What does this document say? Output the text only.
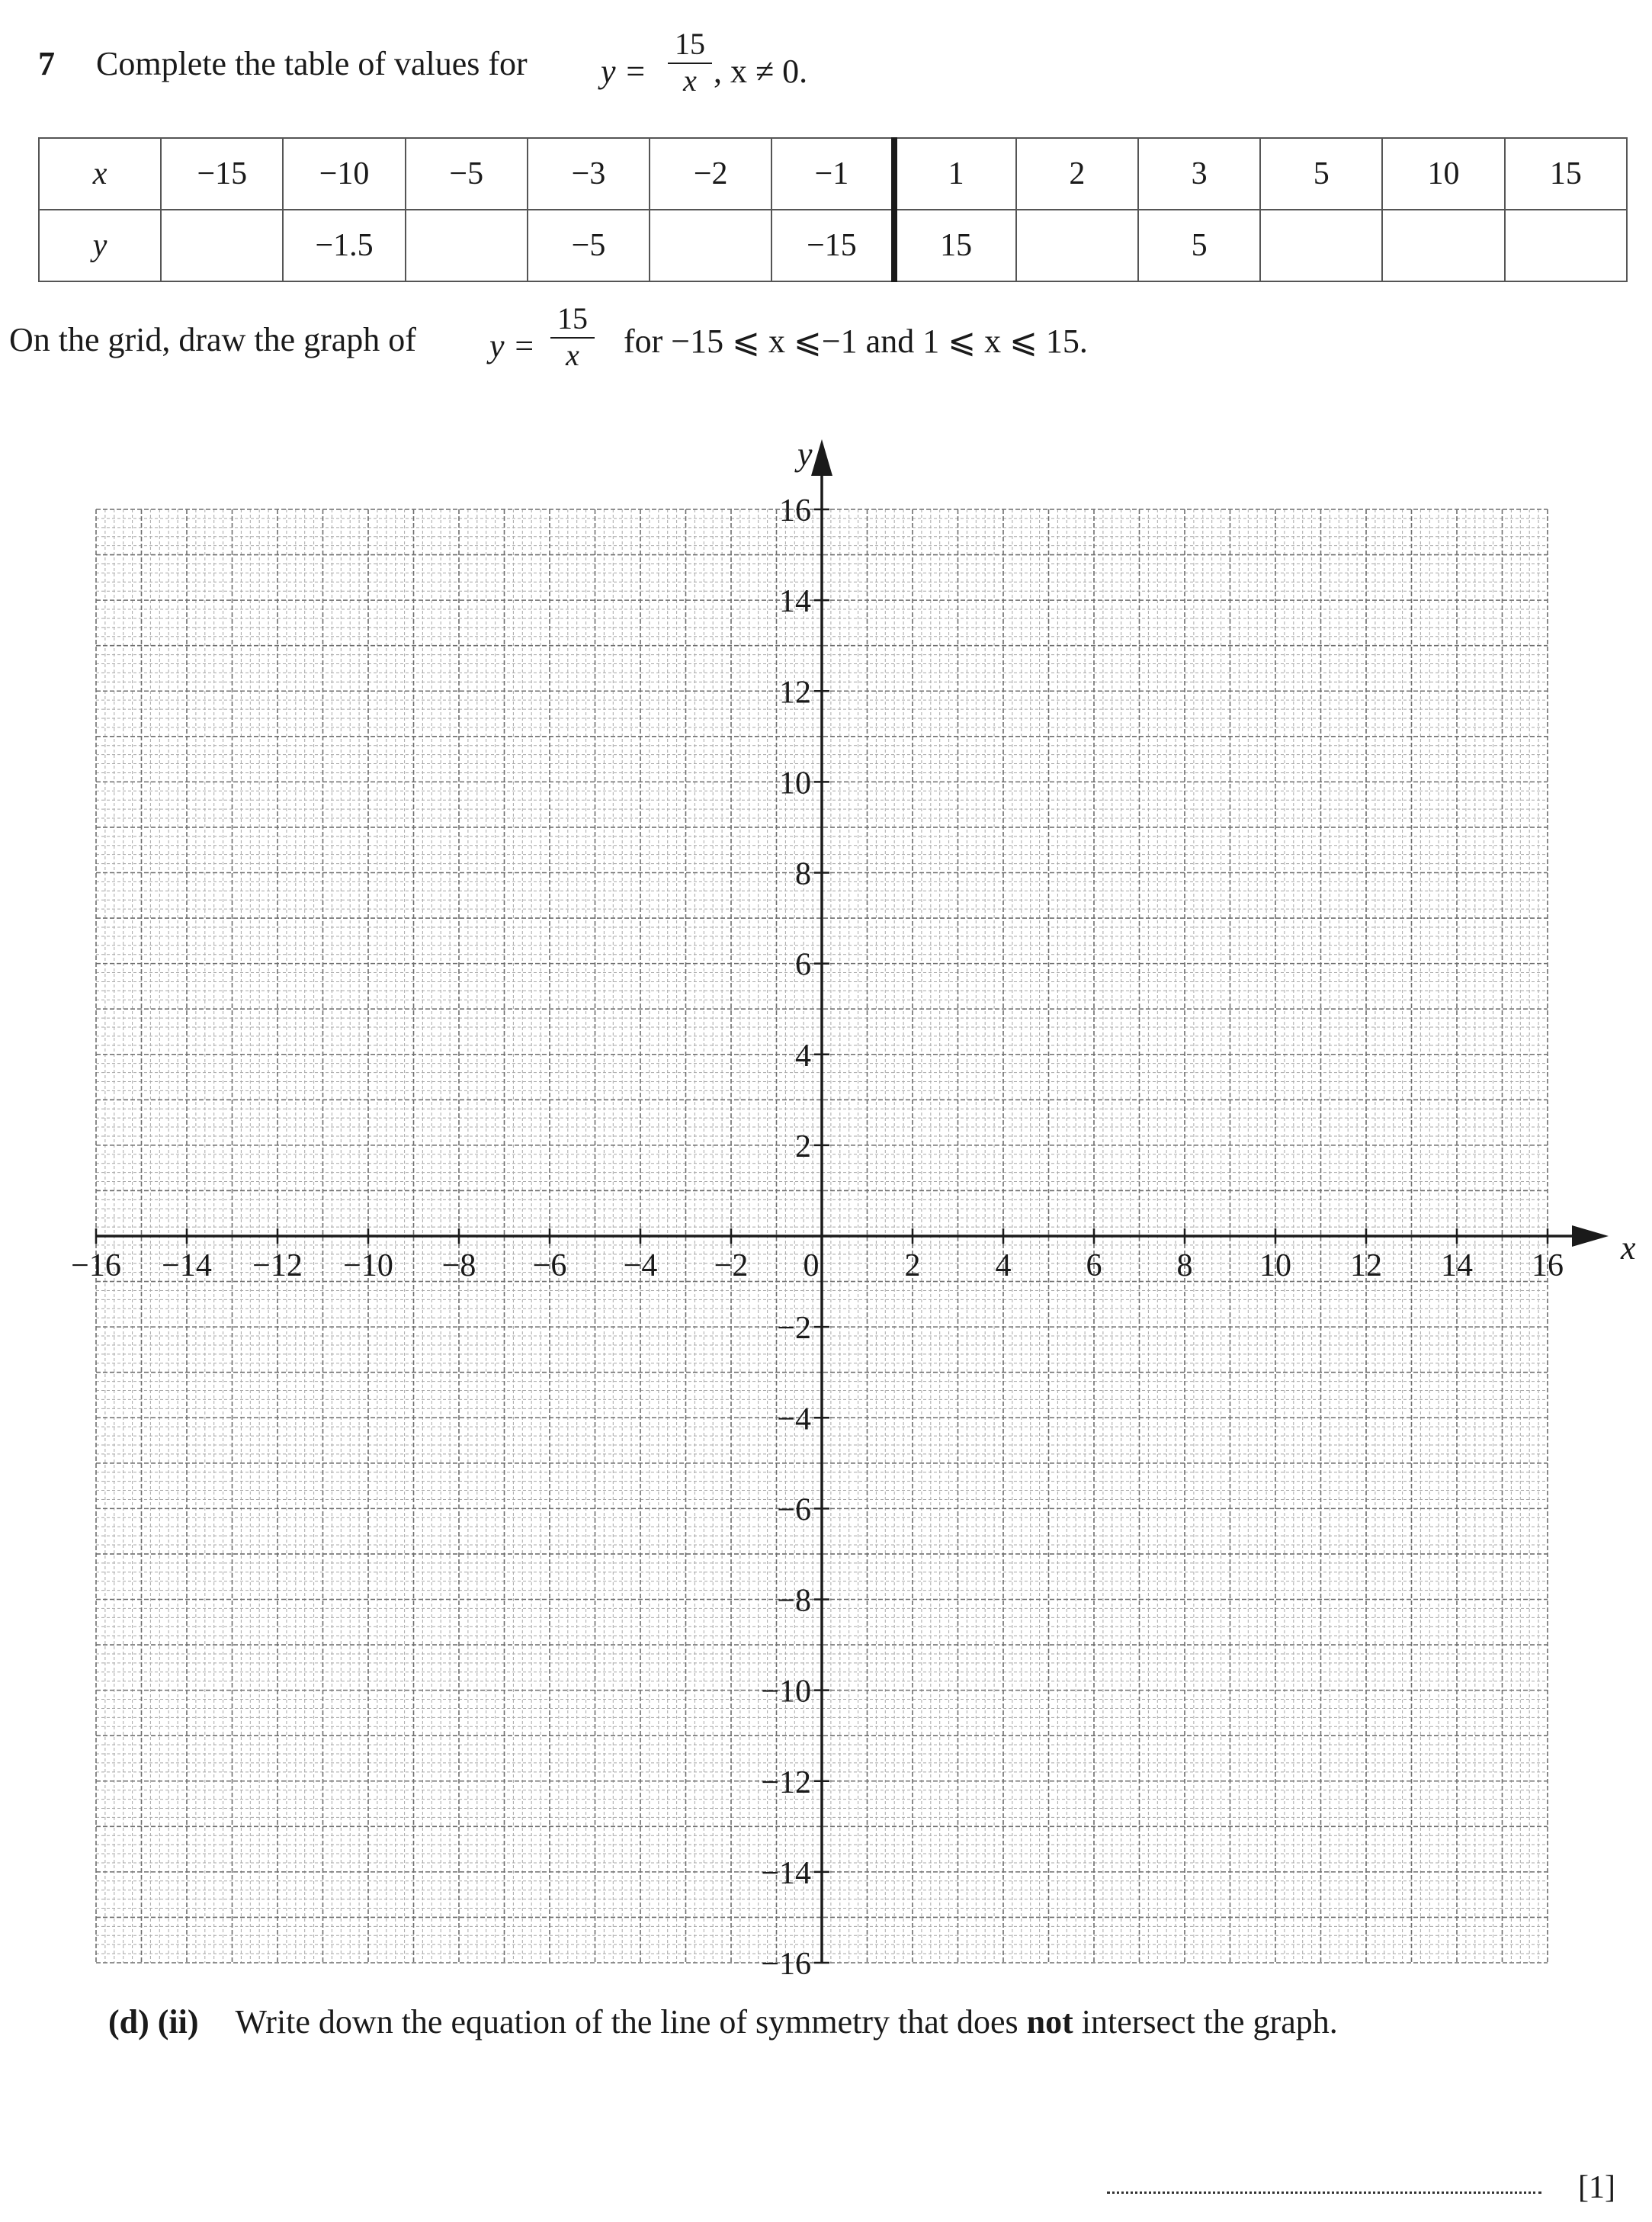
7 Complete the table of values for y =
15
x , x ≠ 0.
x	−15	−10	−5	−3	−2	−1	1	2	3	5	10	15
y		−1.5		−5		−15	15		5			
On the grid, draw the graph of y =
15
x	for −15 ⩽ x ⩽−1 and 1 ⩽ x ⩽ 15.
x
y
−16 −14 −12 −10 −8 −6 −4 −2 0	2 4 6 8 10 12 14 16
−16
−14
−12
−10
−8
−6
−4
−2
2
4
6
8
10
12
14
16
(d) (ii) Write down the equation of the line of symmetry that does not intersect the graph.
[1]
